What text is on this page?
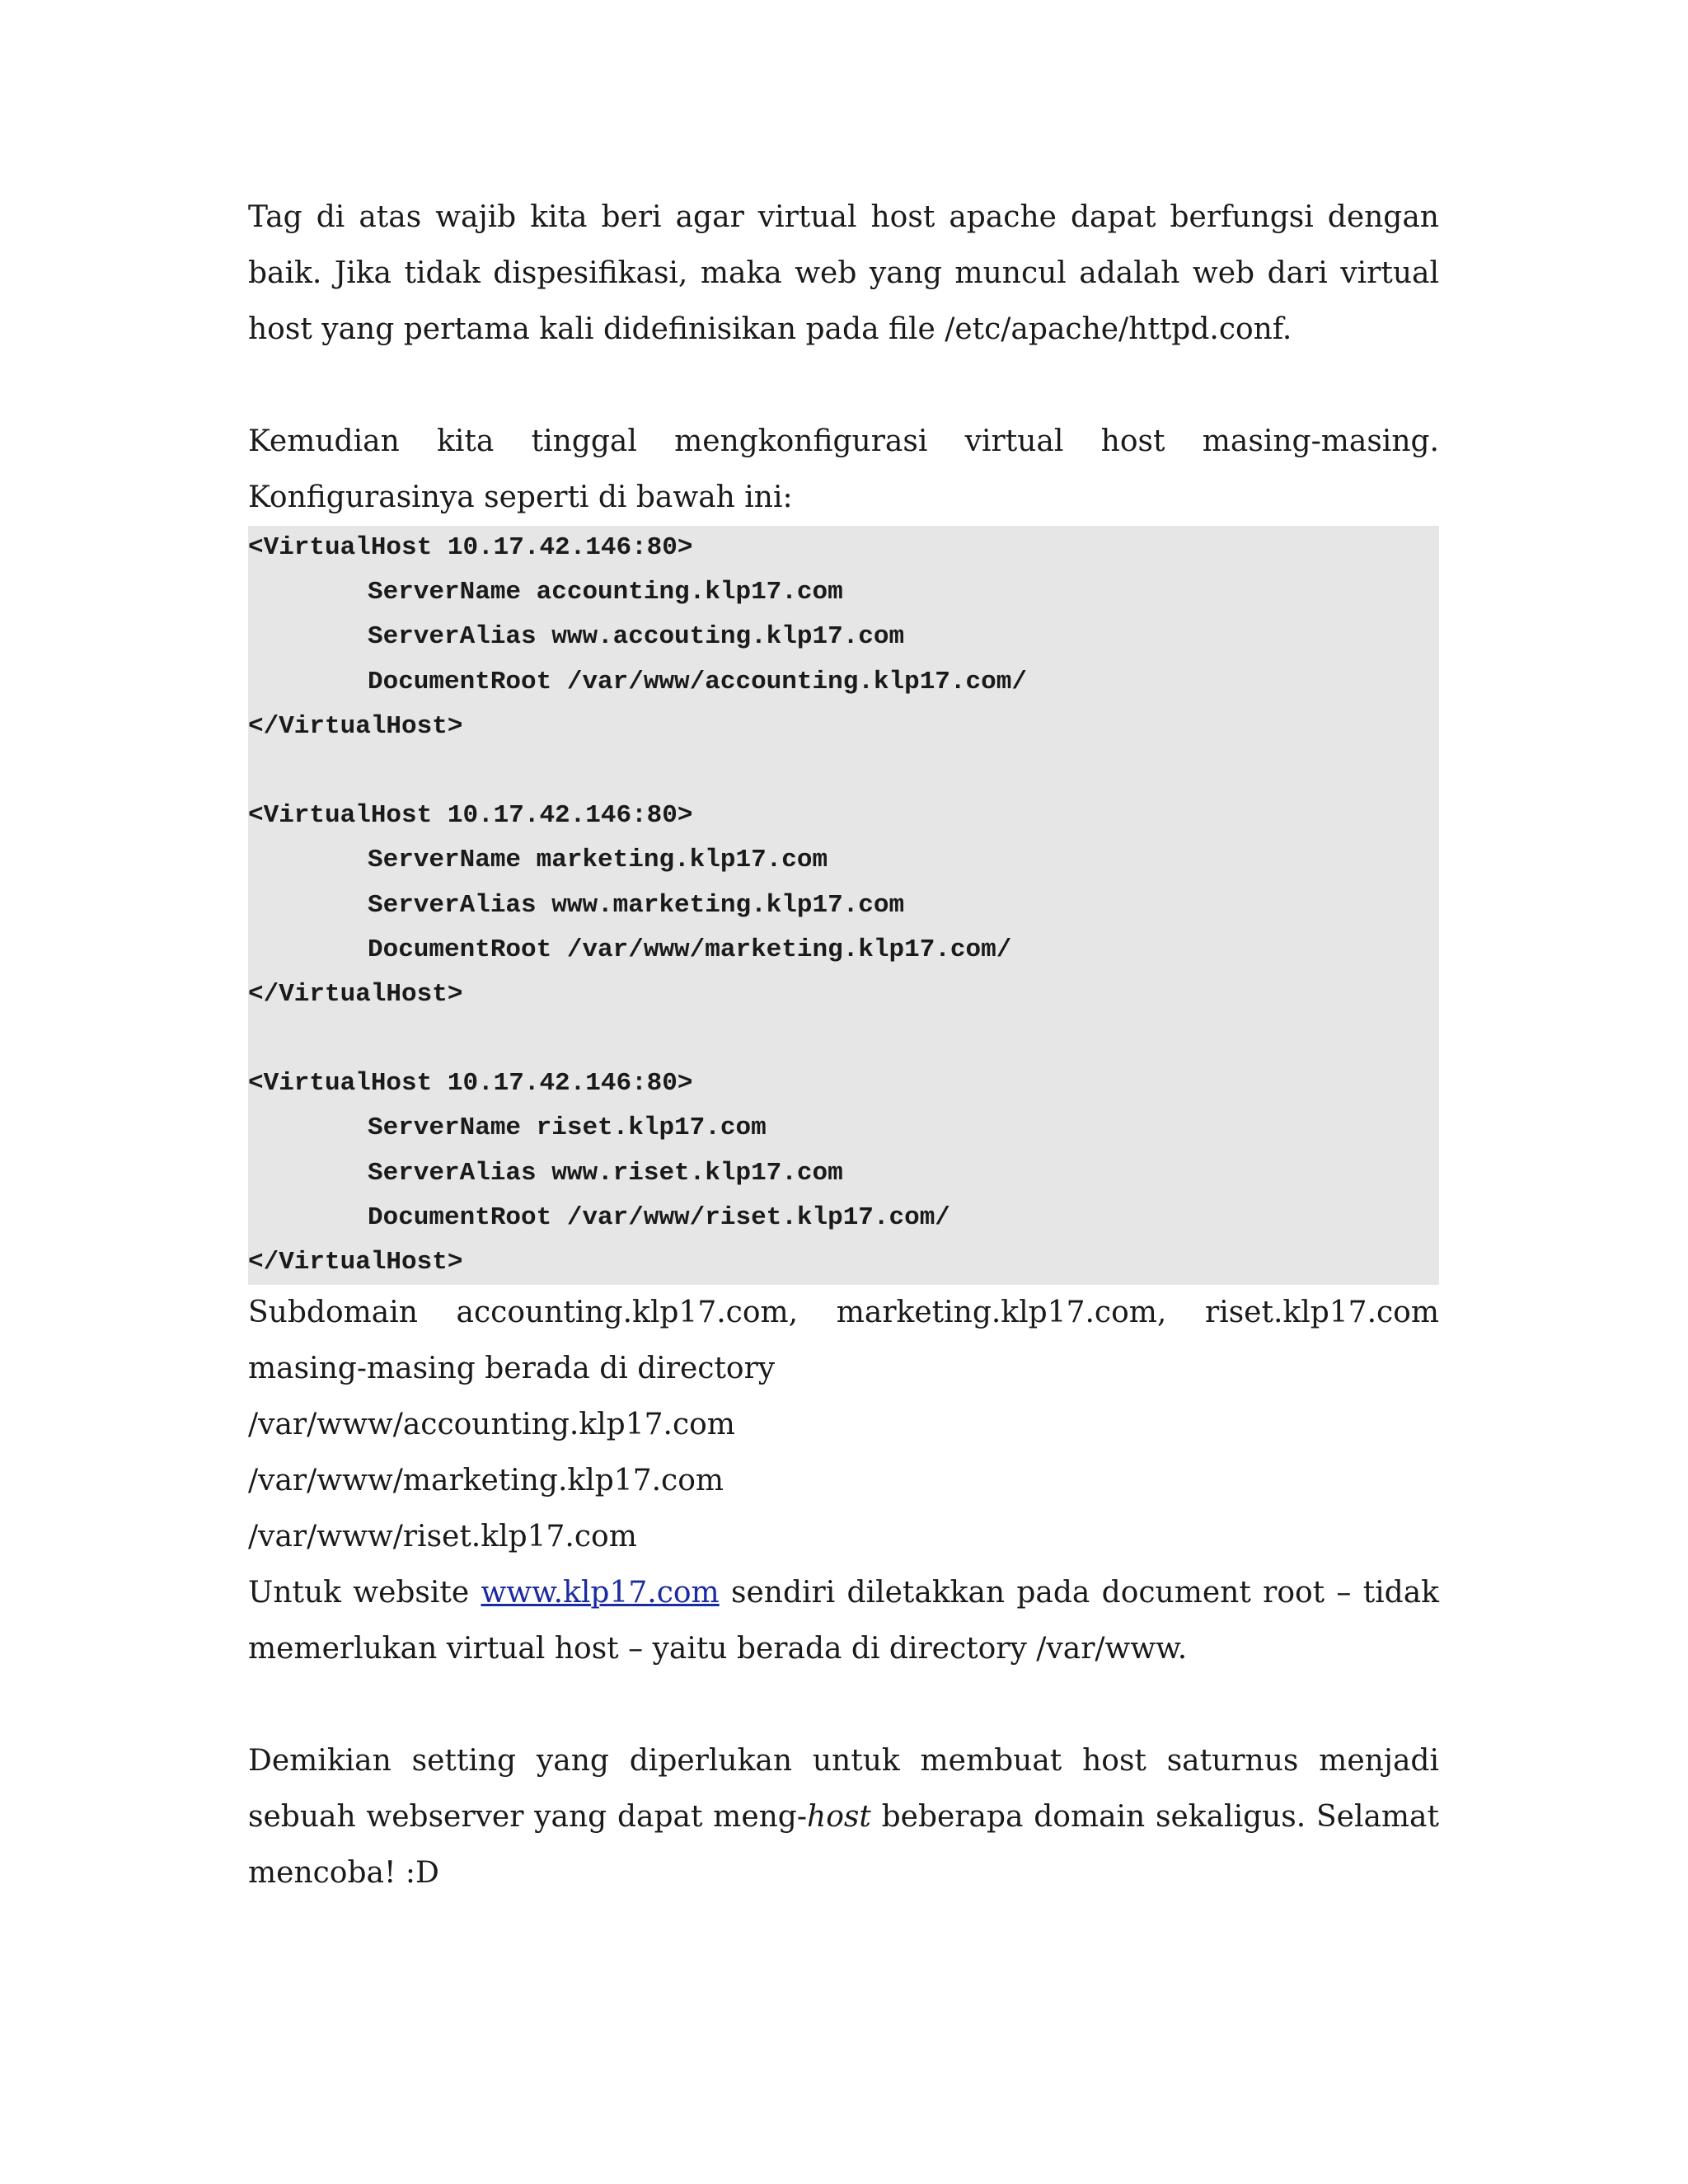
Tag di atas wajib kita beri agar virtual host apache dapat berfungsi dengan baik. Jika tidak dispesifikasi, maka web yang muncul adalah web dari virtual host yang pertama kali didefinisikan pada file /etc/apache/httpd.conf.

Kemudian kita tinggal mengkonfigurasi virtual host masing-masing. Konfigurasinya seperti di bawah ini:

<VirtualHost 10.17.42.146:80>
ServerName accounting.klp17.com
ServerAlias www.accouting.klp17.com
DocumentRoot /var/www/accounting.klp17.com/
</VirtualHost>
<VirtualHost 10.17.42.146:80>
ServerName marketing.klp17.com
ServerAlias www.marketing.klp17.com
DocumentRoot /var/www/marketing.klp17.com/
</VirtualHost>
<VirtualHost 10.17.42.146:80>
ServerName riset.klp17.com
ServerAlias www.riset.klp17.com
DocumentRoot /var/www/riset.klp17.com/
</VirtualHost>

Subdomain accounting.klp17.com, marketing.klp17.com, riset.klp17.com masing-masing berada di directory

/var/www/accounting.klp17.com

/var/www/marketing.klp17.com

/var/www/riset.klp17.com

Untuk website www.klp17.com sendiri diletakkan pada document root – tidak memerlukan virtual host – yaitu berada di directory /var/www.

Demikian setting yang diperlukan untuk membuat host saturnus menjadi sebuah webserver yang dapat meng-host beberapa domain sekaligus. Selamat mencoba! :D
